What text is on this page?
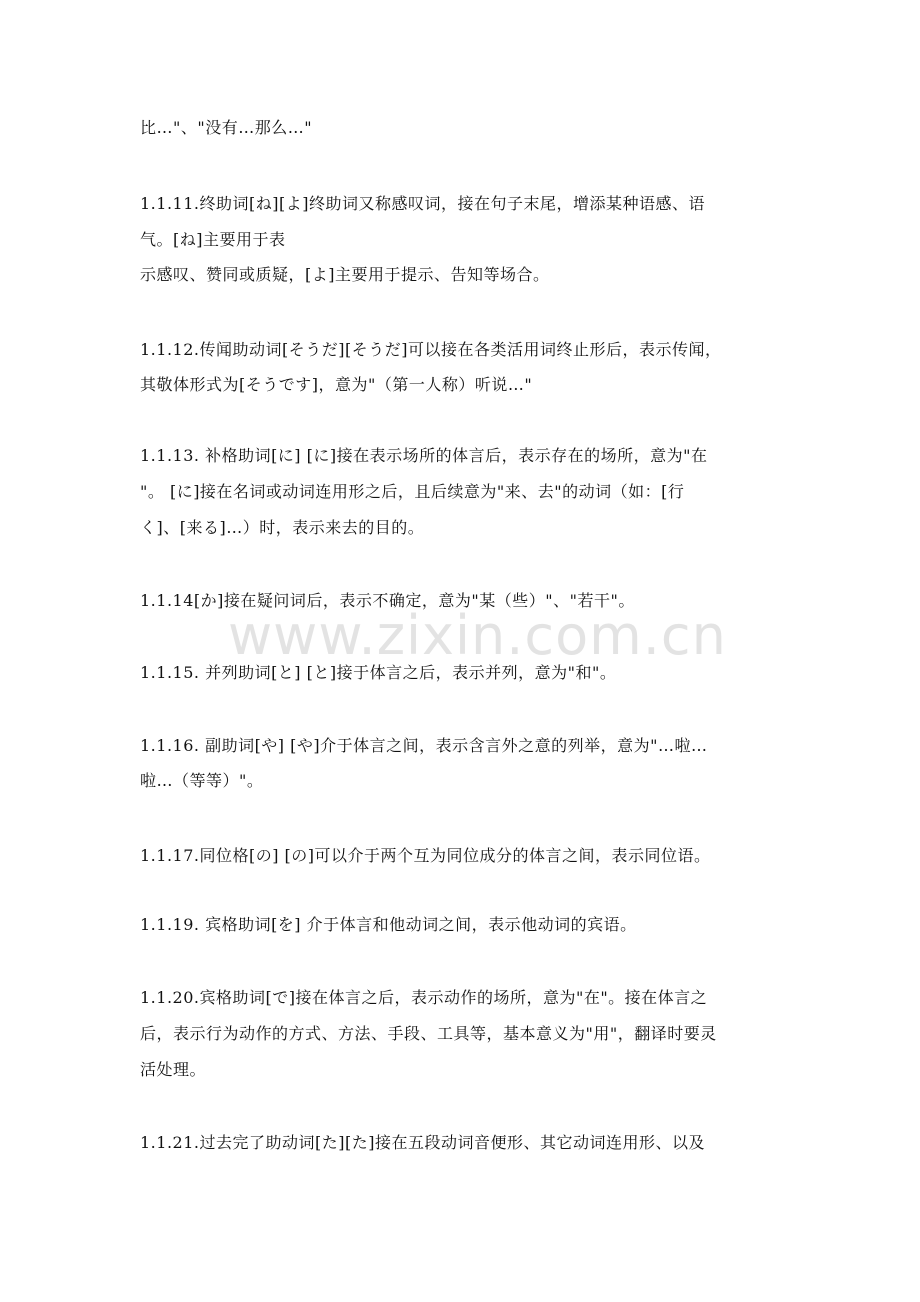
比…"、"没有…那么…"
1.1.11.终助词[ね][よ]终助词又称感叹词，接在句子末尾，增添某种语感、语
气。[ね]主要用于表
示感叹、赞同或质疑，[よ]主要用于提示、告知等场合。
1.1.12.传闻助动词[そうだ][そうだ]可以接在各类活用词终止形后，表示传闻，
其敬体形式为[そうです]，意为"（第一人称）听说…"
1.1.13. 补格助词[に] [に]接在表示场所的体言后，表示存在的场所，意为"在
"。 [に]接在名词或动词连用形之后，且后续意为"来、去"的动词（如：[行
く]、[来る]…）时，表示来去的目的。
1.1.14[か]接在疑问词后，表示不确定，意为"某（些）"、"若干"。
www.zixin.com.cn
1.1.15. 并列助词[と] [と]接于体言之后，表示并列，意为"和"。
1.1.16. 副助词[や] [や]介于体言之间，表示含言外之意的列举，意为"…啦…
啦…（等等）"。
1.1.17.同位格[の] [の]可以介于两个互为同位成分的体言之间，表示同位语。
1.1.19. 宾格助词[を] 介于体言和他动词之间，表示他动词的宾语。
1.1.20.宾格助词[で]接在体言之后，表示动作的场所，意为"在"。接在体言之
后，表示行为动作的方式、方法、手段、工具等，基本意义为"用"，翻译时要灵
活处理。
1.1.21.过去完了助动词[た][た]接在五段动词音便形、其它动词连用形、以及
